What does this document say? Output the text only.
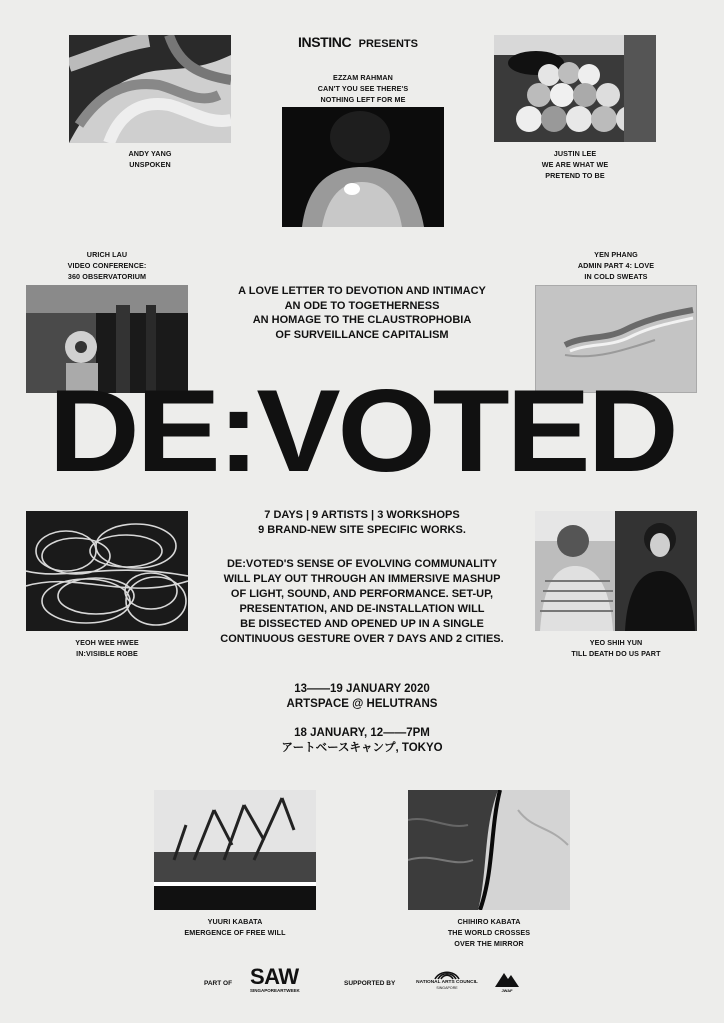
INSTINC PRESENTS
ANDY YANG
UNSPOKEN
EZZAM RAHMAN
CAN'T YOU SEE THERE'S
NOTHING LEFT FOR ME
JUSTIN LEE
WE ARE WHAT WE
PRETEND TO BE
URICH LAU
VIDEO CONFERENCE:
360 OBSERVATORIUM
YEN PHANG
ADMIN PART 4: LOVE
IN COLD SWEATS
A LOVE LETTER TO DEVOTION AND INTIMACY
AN ODE TO TOGETHERNESS
AN HOMAGE TO THE CLAUSTROPHOBIA
OF SURVEILLANCE CAPITALISM
DE:VOTED
YEOH WEE HWEE
IN:VISIBLE ROBE
YEO SHIH YUN
TILL DEATH DO US PART
7 DAYS | 9 ARTISTS | 3 WORKSHOPS
9 BRAND-NEW SITE SPECIFIC WORKS.
DE:VOTED'S SENSE OF EVOLVING COMMUNALITY
WILL PLAY OUT THROUGH AN IMMERSIVE MASHUP
OF LIGHT, SOUND, AND PERFORMANCE. SET-UP,
PRESENTATION, AND DE-INSTALLATION WILL
BE DISSECTED AND OPENED UP IN A SINGLE
CONTINUOUS GESTURE OVER 7 DAYS AND 2 CITIES.
13——19 JANUARY 2020
ARTSPACE @ HELUTRANS
18 JANUARY, 12——7PM
アートベースキャンプ, TOKYO
YUURI KABATA
EMERGENCE OF FREE WILL
CHIHIRO KABATA
THE WORLD CROSSES
OVER THE MIRROR
PART OF SAW
SINGAPOREARTWEEK
SUPPORTED BY	NATIONAL ARTS COUNCIL
SINGAPORE	JWAF
